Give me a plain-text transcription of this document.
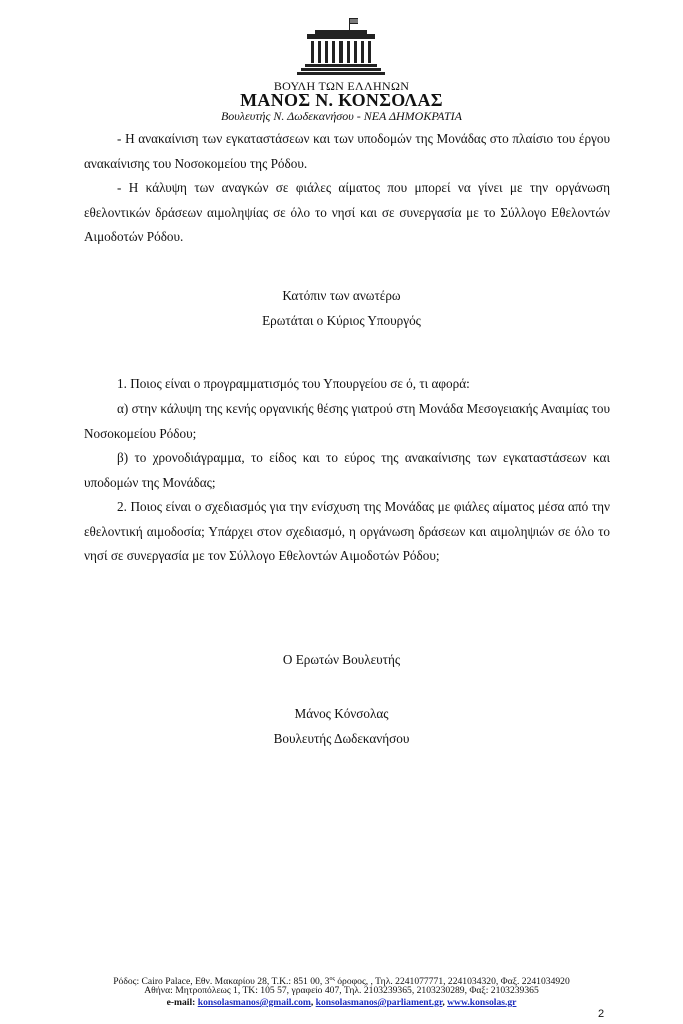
ΒΟΥΛΗ ΤΩΝ ΕΛΛΗΝΩΝ
ΜΑΝΟΣ Ν. ΚΟΝΣΟΛΑΣ
Βουλευτής Ν. Δωδεκανήσου - ΝΕΑ ΔΗΜΟΚΡΑΤΙΑ
- Η ανακαίνιση των εγκαταστάσεων και των υποδομών της Μονάδας στο πλαίσιο του έργου ανακαίνισης του Νοσοκομείου της Ρόδου.
- Η κάλυψη των αναγκών σε φιάλες αίματος που μπορεί να γίνει με την οργάνωση εθελοντικών δράσεων αιμοληψίας σε όλο το νησί και σε συνεργασία με το Σύλλογο Εθελοντών Αιμοδοτών Ρόδου.
Κατόπιν των ανωτέρω
Ερωτάται ο Κύριος Υπουργός
1. Ποιος είναι ο προγραμματισμός του Υπουργείου σε ό, τι αφορά:
α) στην κάλυψη της κενής οργανικής θέσης γιατρού στη Μονάδα Μεσογειακής Αναιμίας του Νοσοκομείου Ρόδου;
β) το χρονοδιάγραμμα, το είδος και το εύρος της ανακαίνισης των εγκαταστάσεων και υποδομών της Μονάδας;
2. Ποιος είναι ο σχεδιασμός για την ενίσχυση της Μονάδας με φιάλες αίματος μέσα από την εθελοντική αιμοδοσία; Υπάρχει στον σχεδιασμό, η οργάνωση δράσεων και αιμοληψιών σε όλο το νησί σε συνεργασία με τον Σύλλογο Εθελοντών Αιμοδοτών Ρόδου;
Ο Ερωτών Βουλευτής
Μάνος Κόνσολας
Βουλευτής Δωδεκανήσου
Ρόδος: Cairo Palace, Εθν. Μακαρίου 28, Τ.Κ.: 851 00, $3^{o\varsigma}$ όροφος, , Τηλ. 2241077771, 2241034320, Φαξ. 2241034920
Αθήνα: Μητροπόλεως 1, ΤΚ: 105 57, γραφείο 407, Τηλ. 2103239365, 2103230289, Φαξ: 2103239365
e-mail: konsolasmanos@gmail.com, konsolasmanos@parliament.gr, www.konsolas.gr
2
